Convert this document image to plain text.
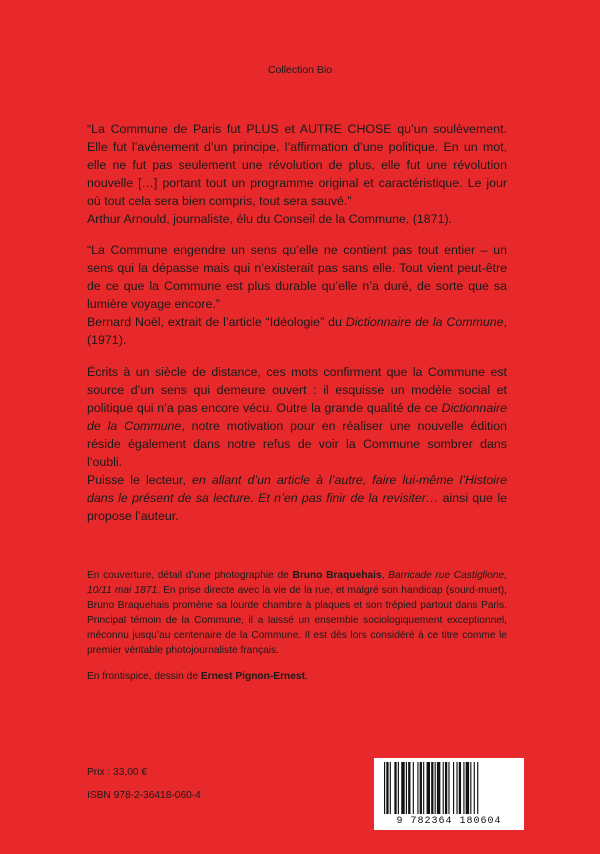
Collection Bio

“La Commune de Paris fut PLUS et AUTRE CHOSE qu’un soulèvement. Elle fut l’avènement d’un principe, l’affirmation d’une politique. En un mot, elle ne fut pas seulement une révolution de plus, elle fut une révolution nouvelle […] portant tout un programme original et caractéristique. Le jour où tout cela sera bien compris, tout sera sauvé.”

Arthur Arnould, journaliste, élu du Conseil de la Commune, (1871).

“La Commune engendre un sens qu’elle ne contient pas tout entier – un sens qui la dépasse mais qui n’existerait pas sans elle. Tout vient peut-être de ce que la Commune est plus durable qu’elle n’a duré, de sorte que sa lumière voyage encore.”

Bernard Noël, extrait de l’article “Idéologie” du Dictionnaire de la Commune, (1971).

Écrits à un siècle de distance, ces mots confirment que la Commune est source d’un sens qui demeure ouvert : il esquisse un modèle social et politique qui n’a pas encore vécu. Outre la grande qualité de ce Dictionnaire de la Commune, notre motivation pour en réaliser une nouvelle édition réside également dans notre refus de voir la Commune sombrer dans l’oubli.

Puisse le lecteur, en allant d’un article à l’autre, faire lui-même l’Histoire dans le présent de sa lecture. Et n’en pas finir de la revisiter… ainsi que le propose l’auteur.

En couverture, détail d’une photographie de Bruno Braquehais, Barricade rue Castiglione, 10/11 mai 1871. En prise directe avec la vie de la rue, et malgré son handicap (sourd-muet), Bruno Braquehais promène sa lourde chambre à plaques et son trépied partout dans Paris. Principal témoin de la Commune, il a laissé un ensemble sociologiquement exceptionnel, méconnu jusqu’au centenaire de la Commune. Il est dès lors considéré à ce titre comme le premier véritable photojournaliste français.

En frontispice, dessin de Ernest Pignon-Ernest.

Prix : 33,00 €
ISBN 978-2-36418-060-4
9 782364 180604
